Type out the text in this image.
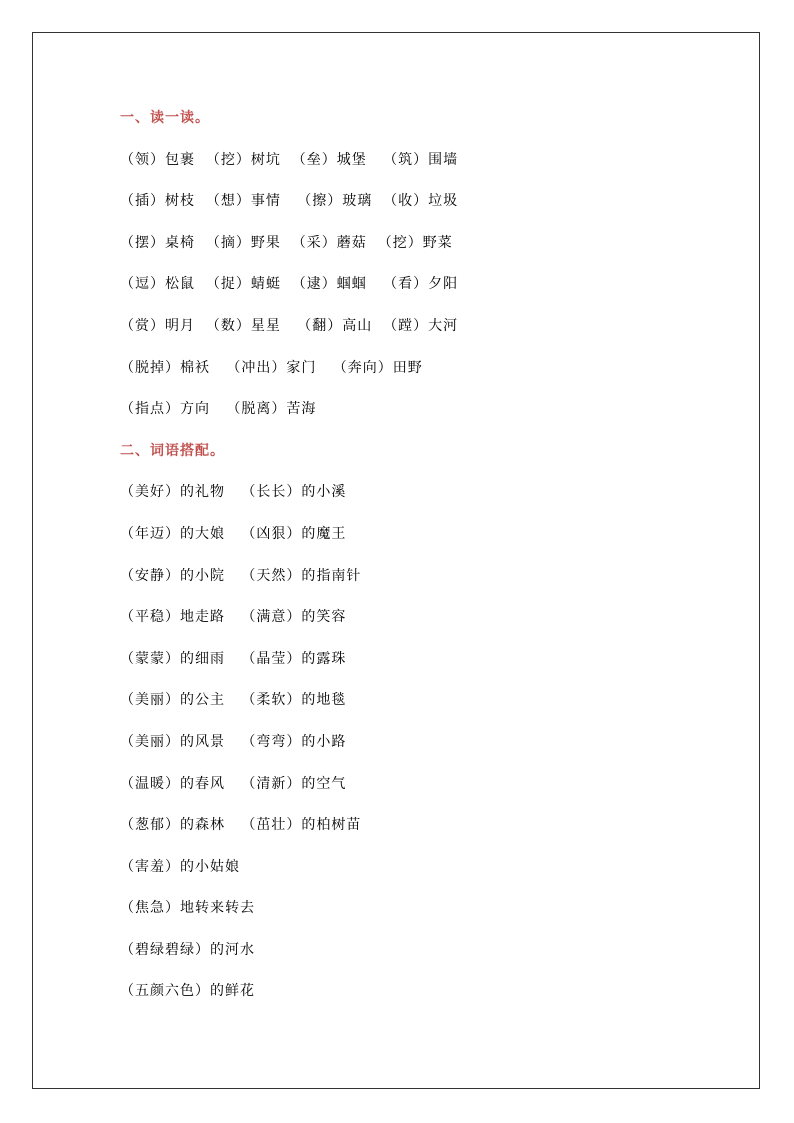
一、读一读。
（领）包裹  （挖）树坑  （垒）城堡   （筑）围墙
（插）树枝  （想）事情   （擦）玻璃  （收）垃圾
（摆）桌椅  （摘）野果  （采）蘑菇  （挖）野菜
（逗）松鼠  （捉）蜻蜓  （逮）蝈蝈   （看）夕阳
（赏）明月  （数）星星   （翻）高山  （蹚）大河
（脱掉）棉袄   （冲出）家门   （奔向）田野
（指点）方向   （脱离）苦海
二、词语搭配。
（美好）的礼物   （长长）的小溪
（年迈）的大娘   （凶狠）的魔王
（安静）的小院   （天然）的指南针
（平稳）地走路   （满意）的笑容
（蒙蒙）的细雨   （晶莹）的露珠
（美丽）的公主   （柔软）的地毯
（美丽）的风景   （弯弯）的小路
（温暖）的春风   （清新）的空气
（葱郁）的森林   （茁壮）的柏树苗
（害羞）的小姑娘
（焦急）地转来转去
（碧绿碧绿）的河水
（五颜六色）的鲜花
